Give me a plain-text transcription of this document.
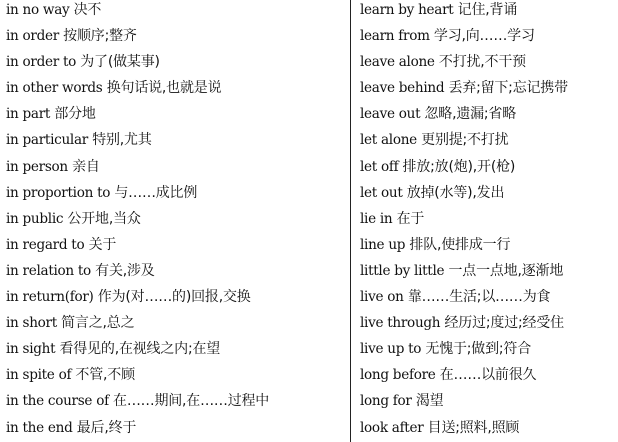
in no way 决不
in order 按顺序;整齐
in order to 为了(做某事)
in other words 换句话说,也就是说
in part 部分地
in particular 特别,尤其
in person 亲自
in proportion to 与……成比例
in public 公开地,当众
in regard to 关于
in relation to 有关,涉及
in return(for) 作为(对……的)回报,交换
in short 简言之,总之
in sight 看得见的,在视线之内;在望
in spite of 不管,不顾
in the course of 在……期间,在……过程中
in the end 最后,终于
learn by heart 记住,背诵
learn from 学习,向……学习
leave alone 不打扰,不干预
leave behind 丢弃;留下;忘记携带
leave out 忽略,遗漏;省略
let alone 更别提;不打扰
let off 排放;放(炮),开(枪)
let out 放掉(水等),发出
lie in 在于
line up 排队,使排成一行
little by little 一点一点地,逐渐地
live on 靠……生活;以……为食
live through 经历过;度过;经受住
live up to 无愧于;做到;符合
long before 在……以前很久
long for 渴望
look after 目送;照料,照顾
